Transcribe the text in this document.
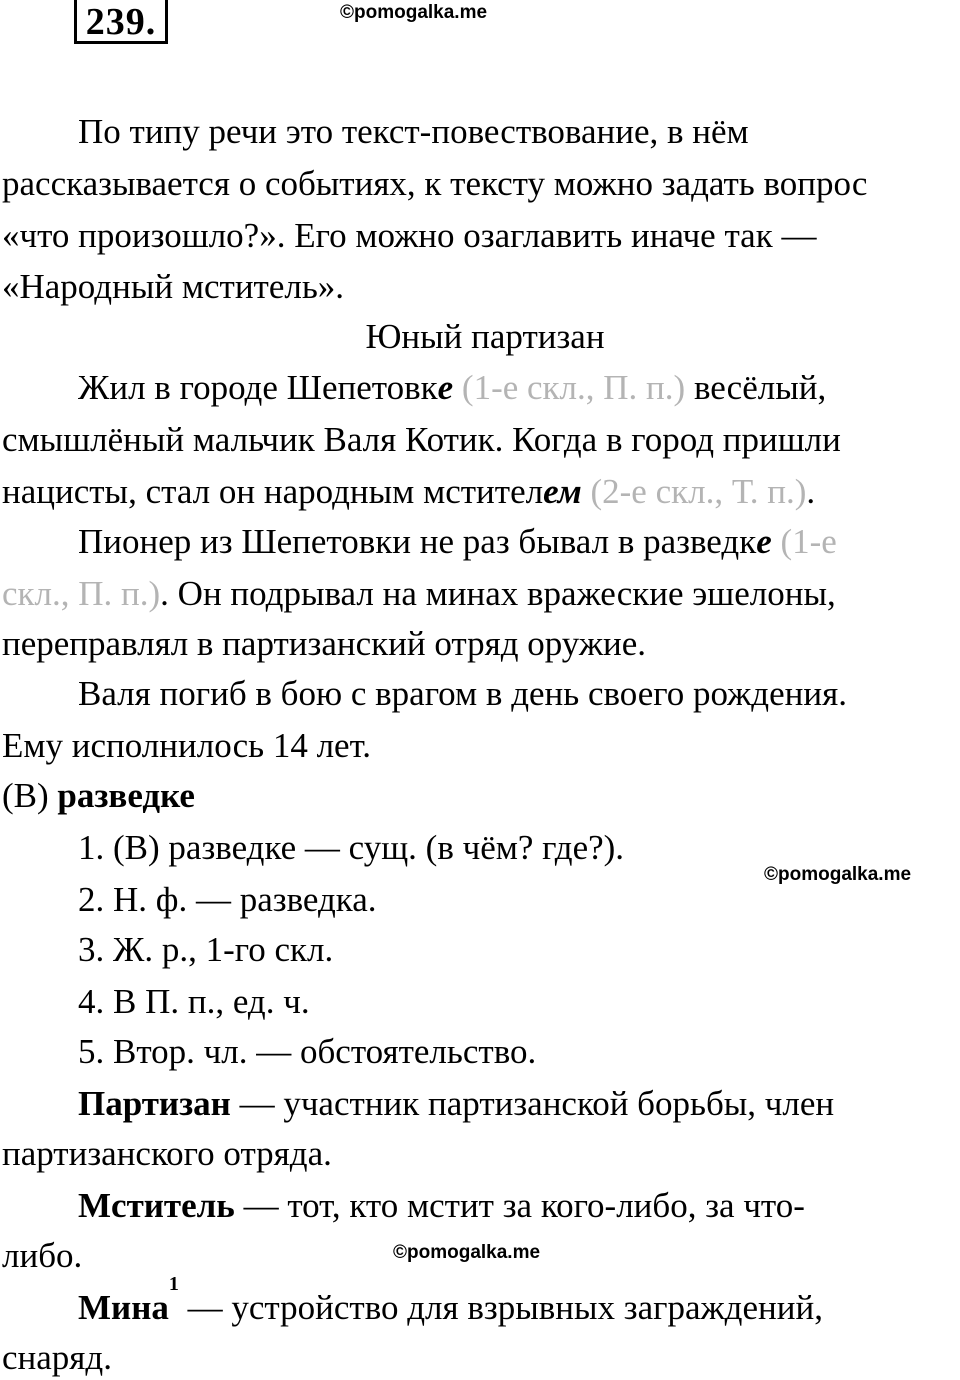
239.	©pomogalka.me
По типу речи это текст-повествование, в нём
рассказывается о событиях, к тексту можно задать вопрос
«что произошло?». Его можно озаглавить иначе так —
«Народный мститель».
Юный партизан
Жил в городе Шепетовке (1-е скл., П. п.) весёлый,
смышлёный мальчик Валя Котик. Когда в город пришли
нацисты, стал он народным мстителем (2-е скл., Т. п.).
Пионер из Шепетовки не раз бывал в разведке (1-е
скл., П. п.). Он подрывал на минах вражеские эшелоны,
переправлял в партизанский отряд оружие.
Валя погиб в бою с врагом в день своего рождения.
Ему исполнилось 14 лет.
(В) разведке
1. (В) разведке — сущ. (в чём? где?).
©pomogalka.me
2. Н. ф. — разведка.
3. Ж. р., 1-го скл.
4. В П. п., ед. ч.
5. Втор. чл. — обстоятельство.
Партизан — участник партизанской борьбы, член
партизанского отряда.
Мститель — тот, кто мстит за кого-либо, за что-
либо.	©pomogalka.me
Мина$^1$ — устройство для взрывных заграждений,
снаряд.
